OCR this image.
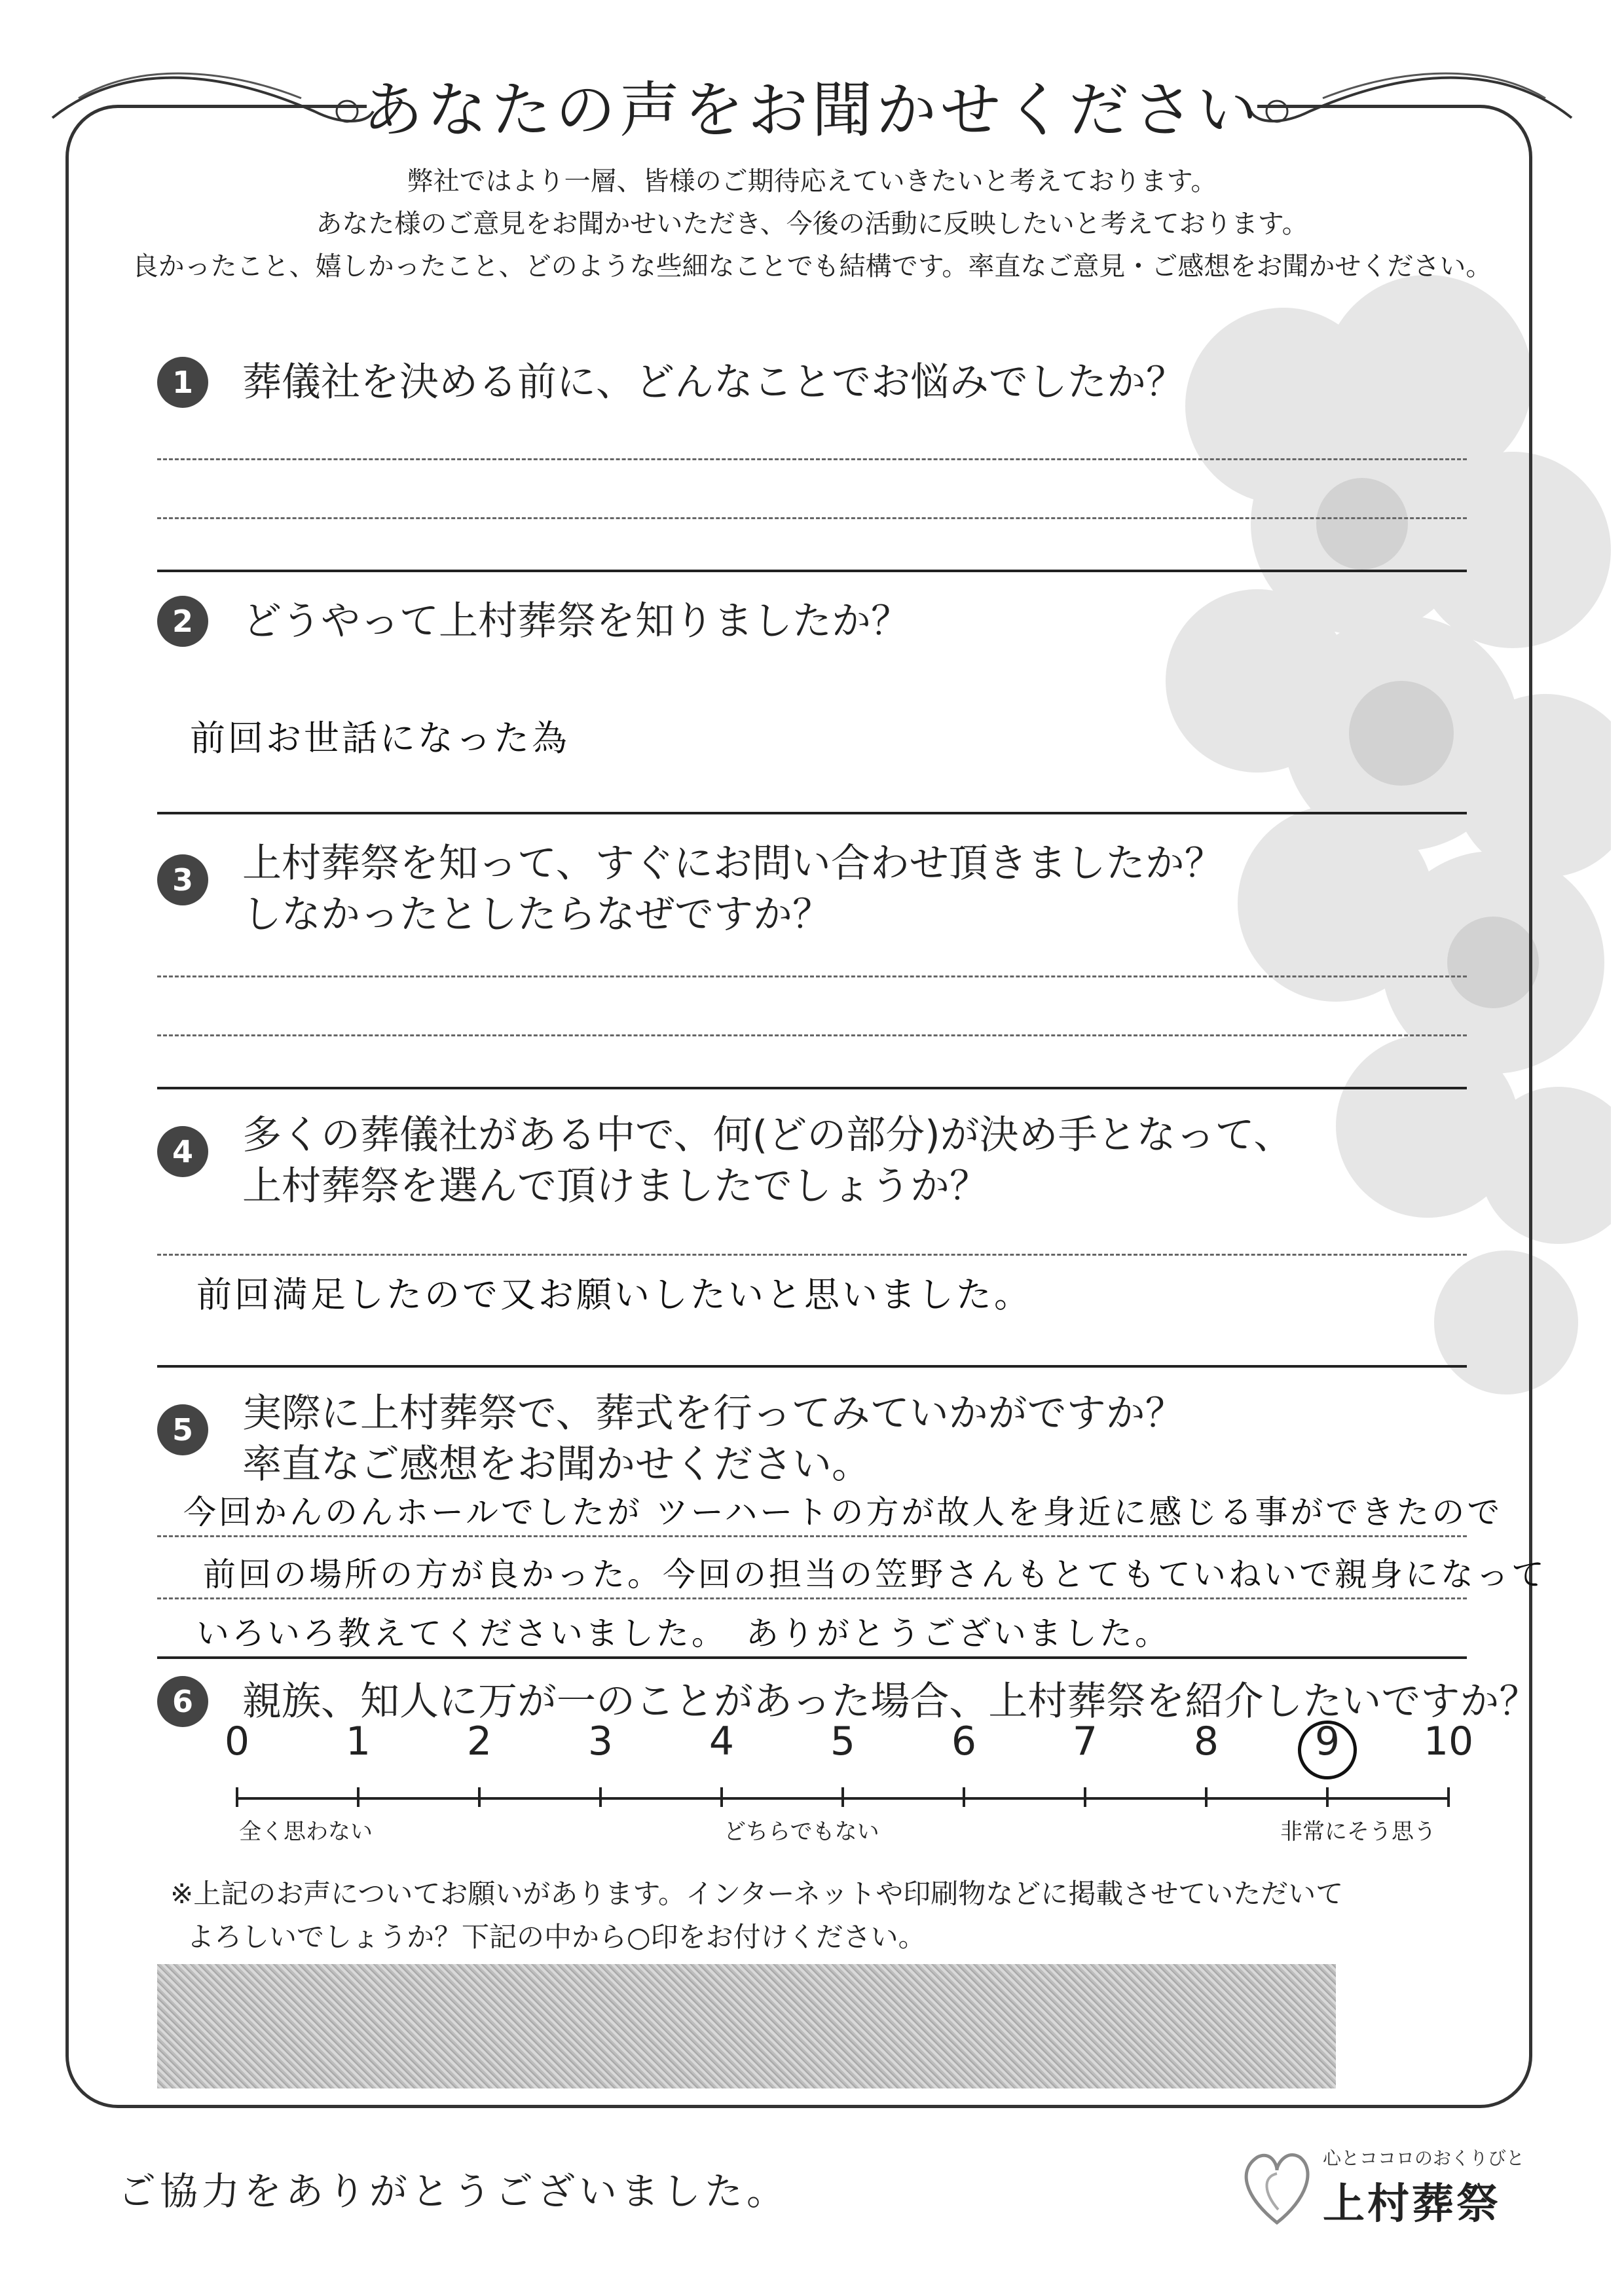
あなたの声をお聞かせください
弊社ではより一層、皆様のご期待応えていきたいと考えております。
あなた様のご意見をお聞かせいただき、今後の活動に反映したいと考えております。
良かったこと、嬉しかったこと、どのような些細なことでも結構です。率直なご意見・ご感想をお聞かせください。
1	葬儀社を決める前に、どんなことでお悩みでしたか？
2	どうやって上村葬祭を知りましたか？
前回お世話になった為
3	上村葬祭を知って、すぐにお問い合わせ頂きましたか？
しなかったとしたらなぜですか？
4	多くの葬儀社がある中で、何(どの部分)が決め手となって、
上村葬祭を選んで頂けましたでしょうか？
前回満足したので又お願いしたいと思いました。
5	実際に上村葬祭で、葬式を行ってみていかがですか？
率直なご感想をお聞かせください。
今回かんのんホールでしたが ツーハートの方が故人を身近に感じる事ができたので
前回の場所の方が良かった。今回の担当の笠野さんもとてもていねいで親身になって
いろいろ教えてくださいました。　ありがとうございました。
6	親族、知人に万が一のことがあった場合、上村葬祭を紹介したいですか？
0	1	2	3	4	5	6	7	8	9	10
全く思わない	どちらでもない	非常にそう思う
※上記のお声についてお願いがあります。インターネットや印刷物などに掲載させていただいて
よろしいでしょうか？下記の中から○印をお付けください。
ご協力をありがとうございました。
心とココロのおくりびと
上村葬祭
